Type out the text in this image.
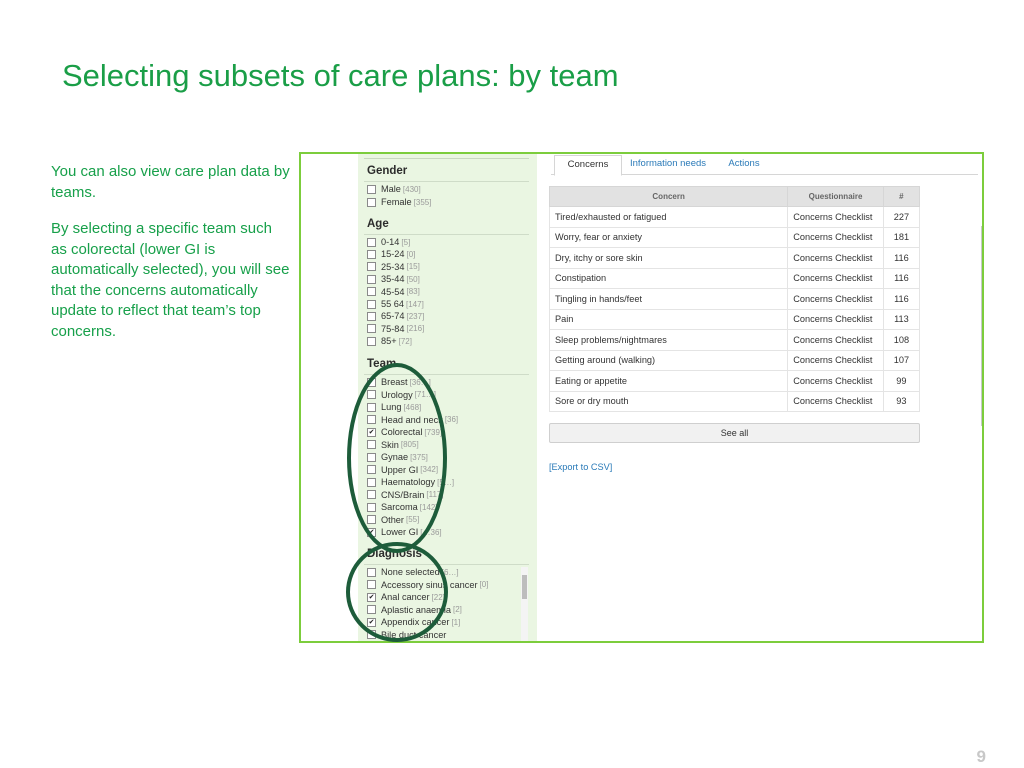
Selecting subsets of care plans: by team

You can also view care plan data by teams.

By selecting a specific team such as colorectal (lower GI is automatically selected), you will see that the concerns automatically update to reflect that team’s top concerns.

Gender
Male [430]
Female [355]
Age
0-14 [5]
15-24 [0]
25-34 [15]
35-44 [50]
45-54 [83]
55 64 [147]
65-74 [237]
75-84 [216]
85+ [72]
Team
Breast [36…]
Urology [71…]
Lung [468]
Head and neck [36]
✔ Colorectal [739]
Skin [805]
Gynae [375]
Upper GI [342]
Haematology [5…]
CNS/Brain [117]
Sarcoma [142]
Other [55]
✔ Lower GI […36]
Diagnosis
None selected [6…]
Accessory sinus cancer [0]
✔ Anal cancer [22]
Aplastic anaemia [2]
✔ Appendix cancer [1]
Bile duct cancer
Concerns	Information needs	Actions
Concern	Questionnaire	#
Tired/exhausted or fatigued	Concerns Checklist	227
Worry, fear or anxiety	Concerns Checklist	181
Dry, itchy or sore skin	Concerns Checklist	116
Constipation	Concerns Checklist	116
Tingling in hands/feet	Concerns Checklist	116
Pain	Concerns Checklist	113
Sleep problems/nightmares	Concerns Checklist	108
Getting around (walking)	Concerns Checklist	107
Eating or appetite	Concerns Checklist	99
Sore or dry mouth	Concerns Checklist	93
See all
[Export to CSV]
9
